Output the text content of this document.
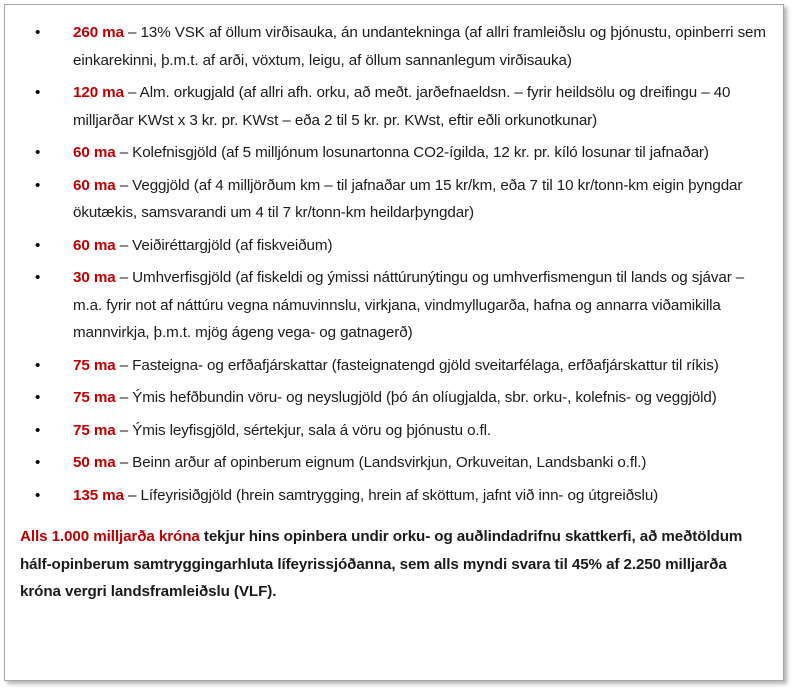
•	260 ma – 13% VSK af öllum virðisauka, án undantekninga (af allri framleiðslu og þjónustu, opinberri sem einkarekinni, þ.m.t. af arði, vöxtum, leigu, af öllum sannanlegum virðisauka)
•	120 ma – Alm. orkugjald (af allri afh. orku, að meðt. jarðefnaeldsn. – fyrir heildsölu og dreifingu – 40 milljarðar KWst x 3 kr. pr. KWst – eða 2 til 5 kr. pr. KWst, eftir eðli orkunotkunar)
•	60 ma – Kolefnisgjöld (af 5 milljónum losunartonna CO2-ígilda, 12 kr. pr. kíló losunar til jafnaðar)
•	60 ma – Veggjöld (af 4 milljörðum km – til jafnaðar um 15 kr/km, eða 7 til 10 kr/tonn-km eigin þyngdar ökutækis, samsvarandi um 4 til 7 kr/tonn-km heildarþyngdar)
•	60 ma – Veiðiréttargjöld (af fiskveiðum)
•	30 ma – Umhverfisgjöld (af fiskeldi og ýmissi náttúrunýtingu og umhverfismengun til lands og sjávar – m.a. fyrir not af náttúru vegna námuvinnslu, virkjana, vindmyllugarða, hafna og annarra viðamikilla mannvirkja, þ.m.t. mjög ágeng vega- og gatnagerð)
•	75 ma – Fasteigna- og erfðafjárskattar (fasteignatengd gjöld sveitarfélaga, erfðafjárskattur til ríkis)
•	75 ma – Ýmis hefðbundin vöru- og neyslugjöld (þó án olíugjalda, sbr. orku-, kolefnis- og veggjöld)
•	75 ma – Ýmis leyfisgjöld, sértekjur, sala á vöru og þjónustu o.fl.
•	50 ma – Beinn arður af opinberum eignum (Landsvirkjun, Orkuveitan, Landsbanki o.fl.)
•	135 ma – Lífeyrisiðgjöld (hrein samtrygging, hrein af sköttum, jafnt við inn- og útgreiðslu)

Alls 1.000 milljarða króna tekjur hins opinbera undir orku- og auðlindadrifnu skattkerfi, að meðtöldum hálf-opinberum samtryggingarhluta lífeyrissjóðanna, sem alls myndi svara til 45% af 2.250 milljarða króna vergri landsframleiðslu (VLF).
